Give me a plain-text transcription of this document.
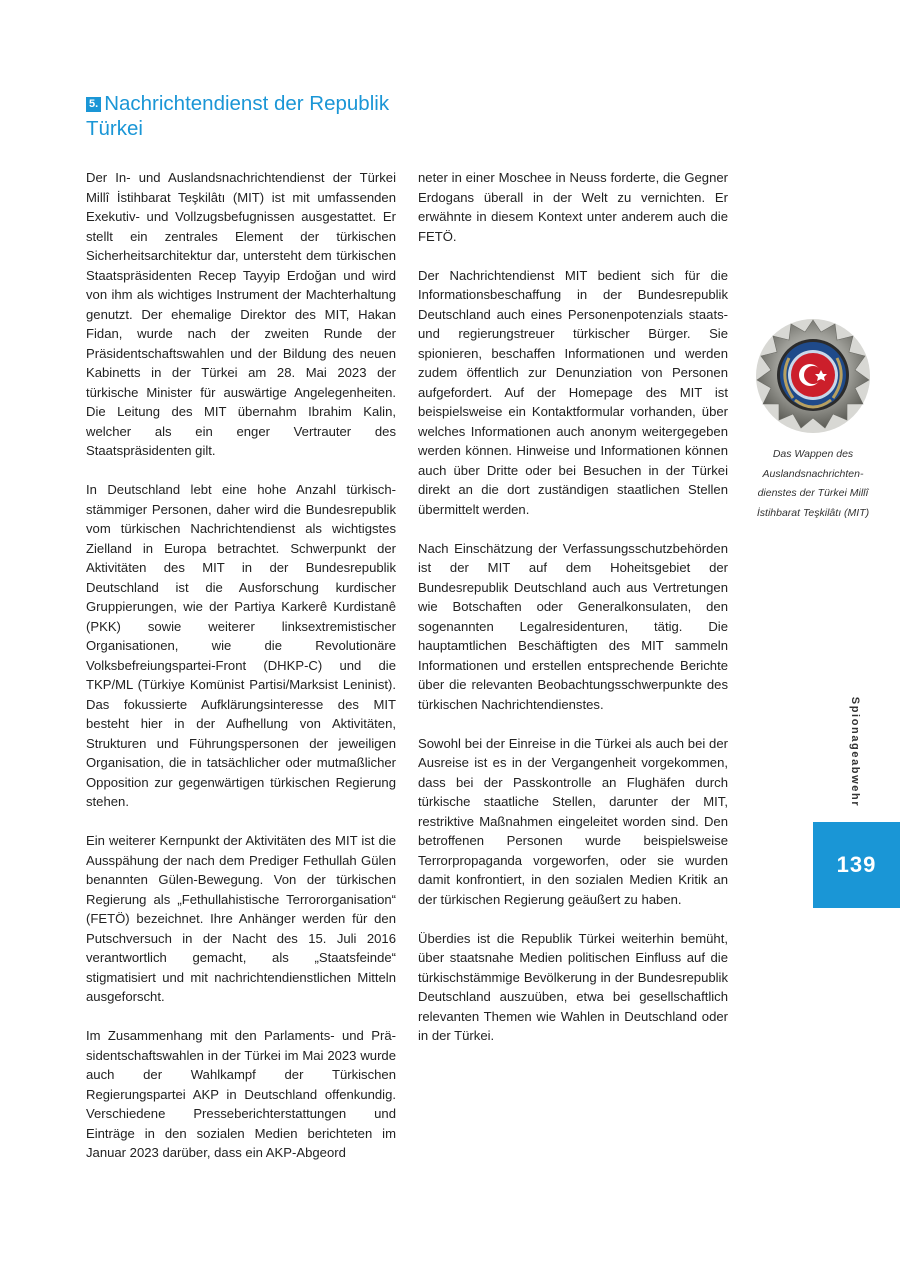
5. Nachrichtendienst der Republik Türkei

Der In- und Auslandsnachrichtendienst der Türkei Millî İstihbarat Teşkilâtı (MIT) ist mit umfassenden Exekutiv- und Vollzugsbefugnissen ausgestattet. Er stellt ein zentrales Element der türkischen Sicherheitsarchitektur dar, untersteht dem türkischen Staatspräsidenten Recep Tayyip Erdoğan und wird von ihm als wichtiges Instrument der Machterhaltung genutzt. Der ehemalige Direktor des MIT, Hakan Fidan, wurde nach der zweiten Runde der Präsidentschaftswahlen und der Bildung des neuen Kabinetts in der Türkei am 28. Mai 2023 der türkische Minister für auswärtige Angelegenheiten. Die Leitung des MIT übernahm Ibrahim Kalin, welcher als ein enger Vertrauter des Staatspräsidenten gilt.

In Deutschland lebt eine hohe Anzahl türkischstämmiger Personen, daher wird die Bundesrepublik vom türkischen Nachrichtendienst als wichtigstes Zielland in Europa betrachtet. Schwerpunkt der Aktivitäten des MIT in der Bundesrepublik Deutschland ist die Ausforschung kurdischer Gruppierungen, wie der Partiya Karkerê Kurdistanê (PKK) sowie weiterer linksextremistischer Organisationen, wie die Revolutionäre Volksbefreiungspartei-Front (DHKP-C) und die TKP/ML (Türkiye Komünist Partisi/Marksist Leninist). Das fokussierte Aufklärungsinteresse des MIT besteht hier in der Aufhellung von Aktivitäten, Strukturen und Führungspersonen der jeweiligen Organisation, die in tatsächlicher oder mutmaßlicher Opposition zur gegenwärtigen türkischen Regierung stehen.

Ein weiterer Kernpunkt der Aktivitäten des MIT ist die Ausspähung der nach dem Prediger Fethullah Gülen benannten Gülen-Bewegung. Von der türkischen Regierung als „Fethullahistische Terrororganisation“ (FETÖ) bezeichnet. Ihre Anhänger werden für den Putschversuch in der Nacht des 15. Juli 2016 verantwortlich gemacht, als „Staatsfeinde“ stigmatisiert und mit nachrichtendienstlichen Mitteln ausgeforscht.

Im Zusammenhang mit den Parlaments- und Präsidentschaftswahlen in der Türkei im Mai 2023 wurde auch der Wahlkampf der Türkischen Regierungspartei AKP in Deutschland offenkundig. Verschiedene Presseberichterstattungen und Einträge in den sozialen Medien berichteten im Januar 2023 darüber, dass ein AKP-Abgeord

neter in einer Moschee in Neuss forderte, die Gegner Erdogans überall in der Welt zu vernichten. Er erwähnte in diesem Kontext unter anderem auch die FETÖ.

Der Nachrichtendienst MIT bedient sich für die Informationsbeschaffung in der Bundesrepublik Deutschland auch eines Personenpotenzials staats- und regierungstreuer türkischer Bürger. Sie spionieren, beschaffen Informationen und werden zudem öffentlich zur Denunziation von Personen aufgefordert. Auf der Homepage des MIT ist beispielsweise ein Kontaktformular vorhanden, über welches Informationen auch anonym weitergegeben werden können. Hinweise und Informationen können auch über Dritte oder bei Besuchen in der Türkei direkt an die dort zuständigen staatlichen Stellen übermittelt werden.

Nach Einschätzung der Verfassungsschutzbehörden ist der MIT auf dem Hoheitsgebiet der Bundesrepublik Deutschland auch aus Vertretungen wie Botschaften oder Generalkonsulaten, den sogenannten Legalresidenturen, tätig. Die hauptamtlichen Beschäftigten des MIT sammeln Informationen und erstellen entsprechende Berichte über die relevanten Beobachtungsschwerpunkte des türkischen Nachrichtendienstes.

Sowohl bei der Einreise in die Türkei als auch bei der Ausreise ist es in der Vergangenheit vorgekommen, dass bei der Passkontrolle an Flughäfen durch türkische staatliche Stellen, darunter der MIT, restriktive Maßnahmen eingeleitet worden sind. Den betroffenen Personen wurde beispielsweise Terrorpropaganda vorgeworfen, oder sie wurden damit konfrontiert, in den sozialen Medien Kritik an der türkischen Regierung geäußert zu haben.

Überdies ist die Republik Türkei weiterhin bemüht, über staatsnahe Medien politischen Einfluss auf die türkischstämmige Bevölkerung in der Bundesrepublik Deutschland auszuüben, etwa bei gesellschaftlich relevanten Themen wie Wahlen in Deutschland oder in der Türkei.

Das Wappen des Auslandsnachrichtendienstes der Türkei Millî İstihbarat Teşkilâtı (MIT)
Spionageabwehr
139
